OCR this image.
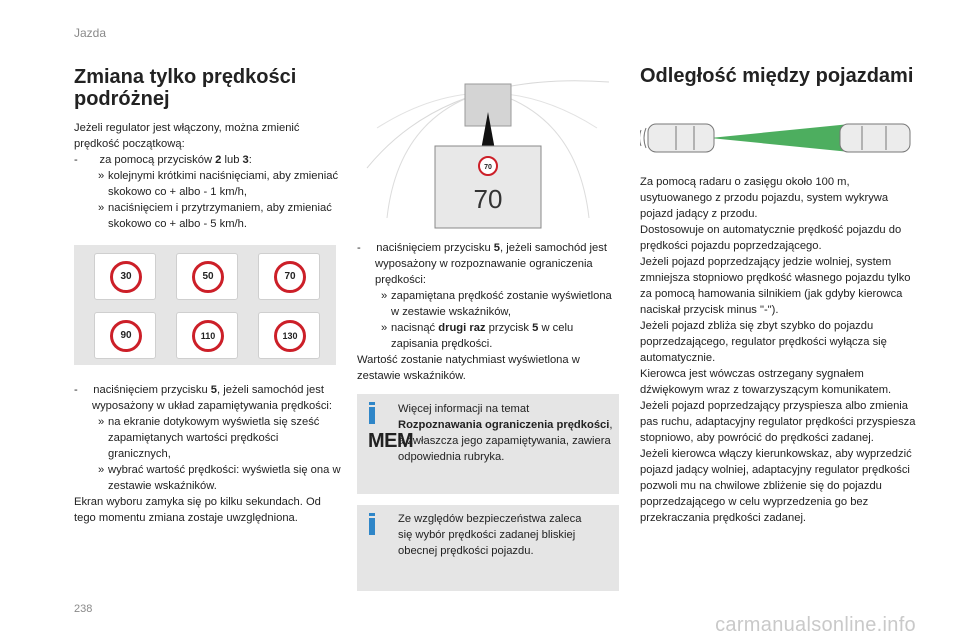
Jazda
Zmiana tylko prędkości podróżnej
Jeżeli regulator jest włączony, można zmienić prędkość początkową:
-       za pomocą przycisków 2 lub 3:
» kolejnymi krótkimi naciśnięciami, aby zmieniać skokowo co + albo - 1 km/h,
» naciśnięciem i przytrzymaniem, aby zmieniać skokowo co + albo - 5 km/h.
30	50	70
90	110	130
-     naciśnięciem przycisku 5, jeżeli samochód jest wyposażony w układ zapamiętywania prędkości:
» na ekranie dotykowym wyświetla się sześć zapamiętanych wartości prędkości granicznych,
» wybrać wartość prędkości: wyświetla się ona w zestawie wskaźników.
Ekran wyboru zamyka się po kilku sekundach. Od tego momentu zmiana zostaje uwzględniona.
70
70
-     naciśnięciem przycisku 5, jeżeli samochód jest wyposażony w rozpoznawanie ograniczenia prędkości:
» zapamiętana prędkość zostanie wyświetlona w zestawie wskaźników,
» nacisnąć drugi raz przycisk 5 w celu zapisania prędkości.
Wartość zostanie natychmiast wyświetlona w zestawie wskaźników.
MEM
Więcej informacji na temat Rozpoznawania ograniczenia prędkości, a zwłaszcza jego zapamiętywania, zawiera odpowiednia rubryka.
Ze względów bezpieczeństwa zaleca się wybór prędkości zadanej bliskiej obecnej prędkości pojazdu.
Odległość między pojazdami
Za pomocą radaru o zasięgu około 100 m, usytuowanego z przodu pojazdu, system wykrywa pojazd jadący z przodu.
Dostosowuje on automatycznie prędkość pojazdu do prędkości pojazdu poprzedzającego.
Jeżeli pojazd poprzedzający jedzie wolniej, system zmniejsza stopniowo prędkość własnego pojazdu tylko za pomocą hamowania silnikiem (jak gdyby kierowca naciskał przycisk minus "-").
Jeżeli pojazd zbliża się zbyt szybko do pojazdu poprzedzającego, regulator prędkości wyłącza się automatycznie.
Kierowca jest wówczas ostrzegany sygnałem dźwiękowym wraz z towarzyszącym komunikatem.
Jeżeli pojazd poprzedzający przyspiesza albo zmienia pas ruchu, adaptacyjny regulator prędkości przyspiesza stopniowo, aby powrócić do prędkości zadanej.
Jeżeli kierowca włączy kierunkowskaz, aby wyprzedzić pojazd jadący wolniej, adaptacyjny regulator prędkości pozwoli mu na chwilowe zbliżenie się do pojazdu poprzedzającego w celu wyprzedzenia go bez przekraczania prędkości zadanej.
238
carmanualsonline.info
